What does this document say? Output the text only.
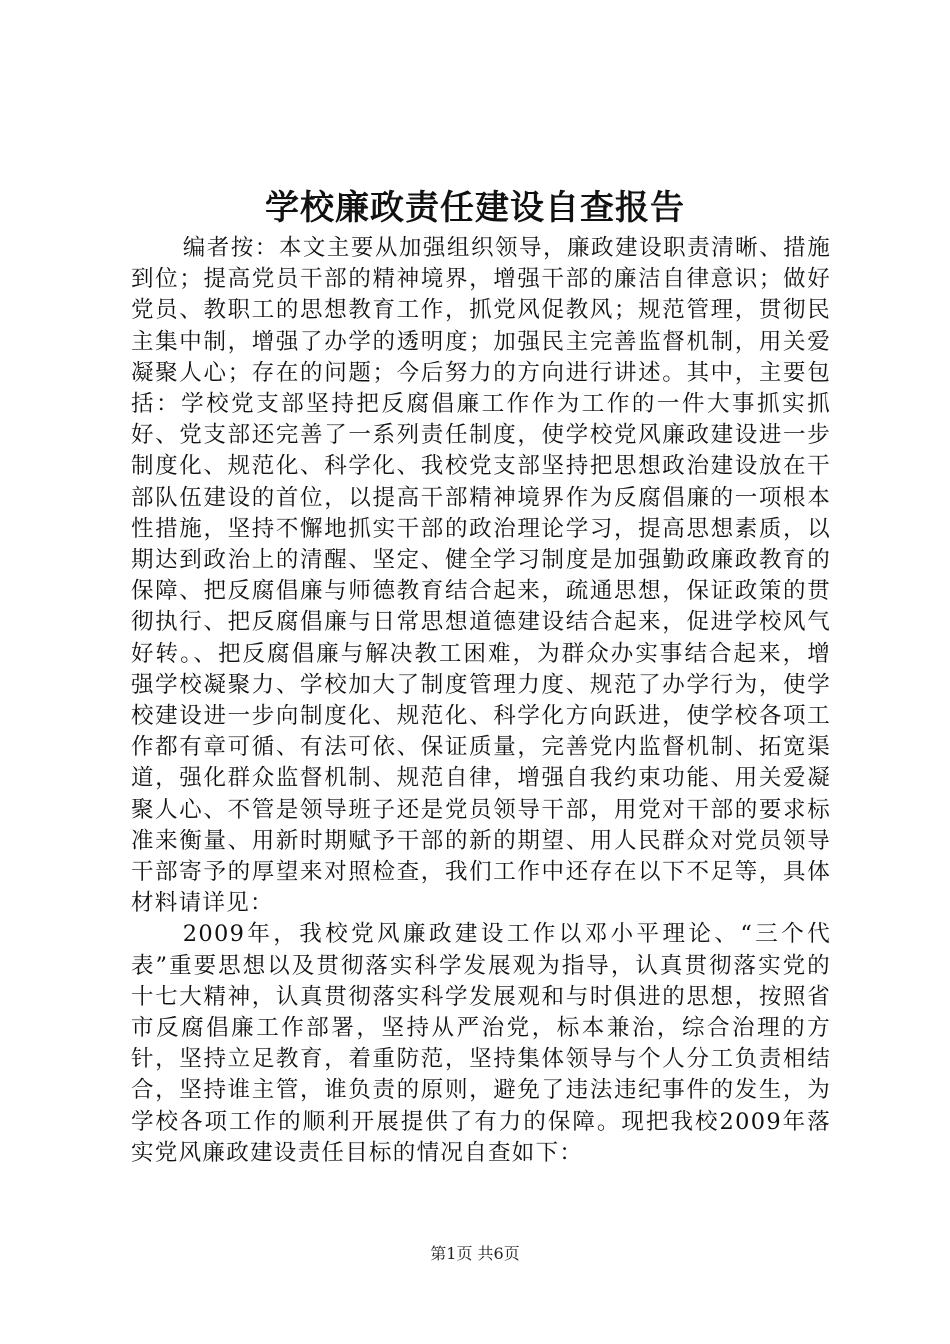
学校廉政责任建设自查报告

编者按：本文主要从加强组织领导，廉政建设职责清晰、措施到位；提高党员干部的精神境界，增强干部的廉洁自律意识；做好党员、教职工的思想教育工作，抓党风促教风；规范管理，贯彻民主集中制，增强了办学的透明度；加强民主完善监督机制，用关爱凝聚人心；存在的问题；今后努力的方向进行讲述。其中，主要包括：学校党支部坚持把反腐倡廉工作作为工作的一件大事抓实抓好、党支部还完善了一系列责任制度，使学校党风廉政建设进一步制度化、规范化、科学化、我校党支部坚持把思想政治建设放在干部队伍建设的首位，以提高干部精神境界作为反腐倡廉的一项根本性措施，坚持不懈地抓实干部的政治理论学习，提高思想素质，以期达到政治上的清醒、坚定、健全学习制度是加强勤政廉政教育的保障、把反腐倡廉与师德教育结合起来，疏通思想，保证政策的贯彻执行、把反腐倡廉与日常思想道德建设结合起来，促进学校风气好转。、把反腐倡廉与解决教工困难，为群众办实事结合起来，增强学校凝聚力、学校加大了制度管理力度、规范了办学行为，使学校建设进一步向制度化、规范化、科学化方向跃进，使学校各项工作都有章可循、有法可依、保证质量，完善党内监督机制、拓宽渠道，强化群众监督机制、规范自律，增强自我约束功能、用关爱凝聚人心、不管是领导班子还是党员领导干部，用党对干部的要求标准来衡量、用新时期赋予干部的新的期望、用人民群众对党员领导干部寄予的厚望来对照检查，我们工作中还存在以下不足等，具体材料请详见：

2009年，我校党风廉政建设工作以邓小平理论、“三个代表”重要思想以及贯彻落实科学发展观为指导，认真贯彻落实党的十七大精神，认真贯彻落实科学发展观和与时俱进的思想，按照省市反腐倡廉工作部署，坚持从严治党，标本兼治，综合治理的方针，坚持立足教育，着重防范，坚持集体领导与个人分工负责相结合，坚持谁主管，谁负责的原则，避免了违法违纪事件的发生，为学校各项工作的顺利开展提供了有力的保障。现把我校2009年落实党风廉政建设责任目标的情况自查如下：

第1页 共6页
